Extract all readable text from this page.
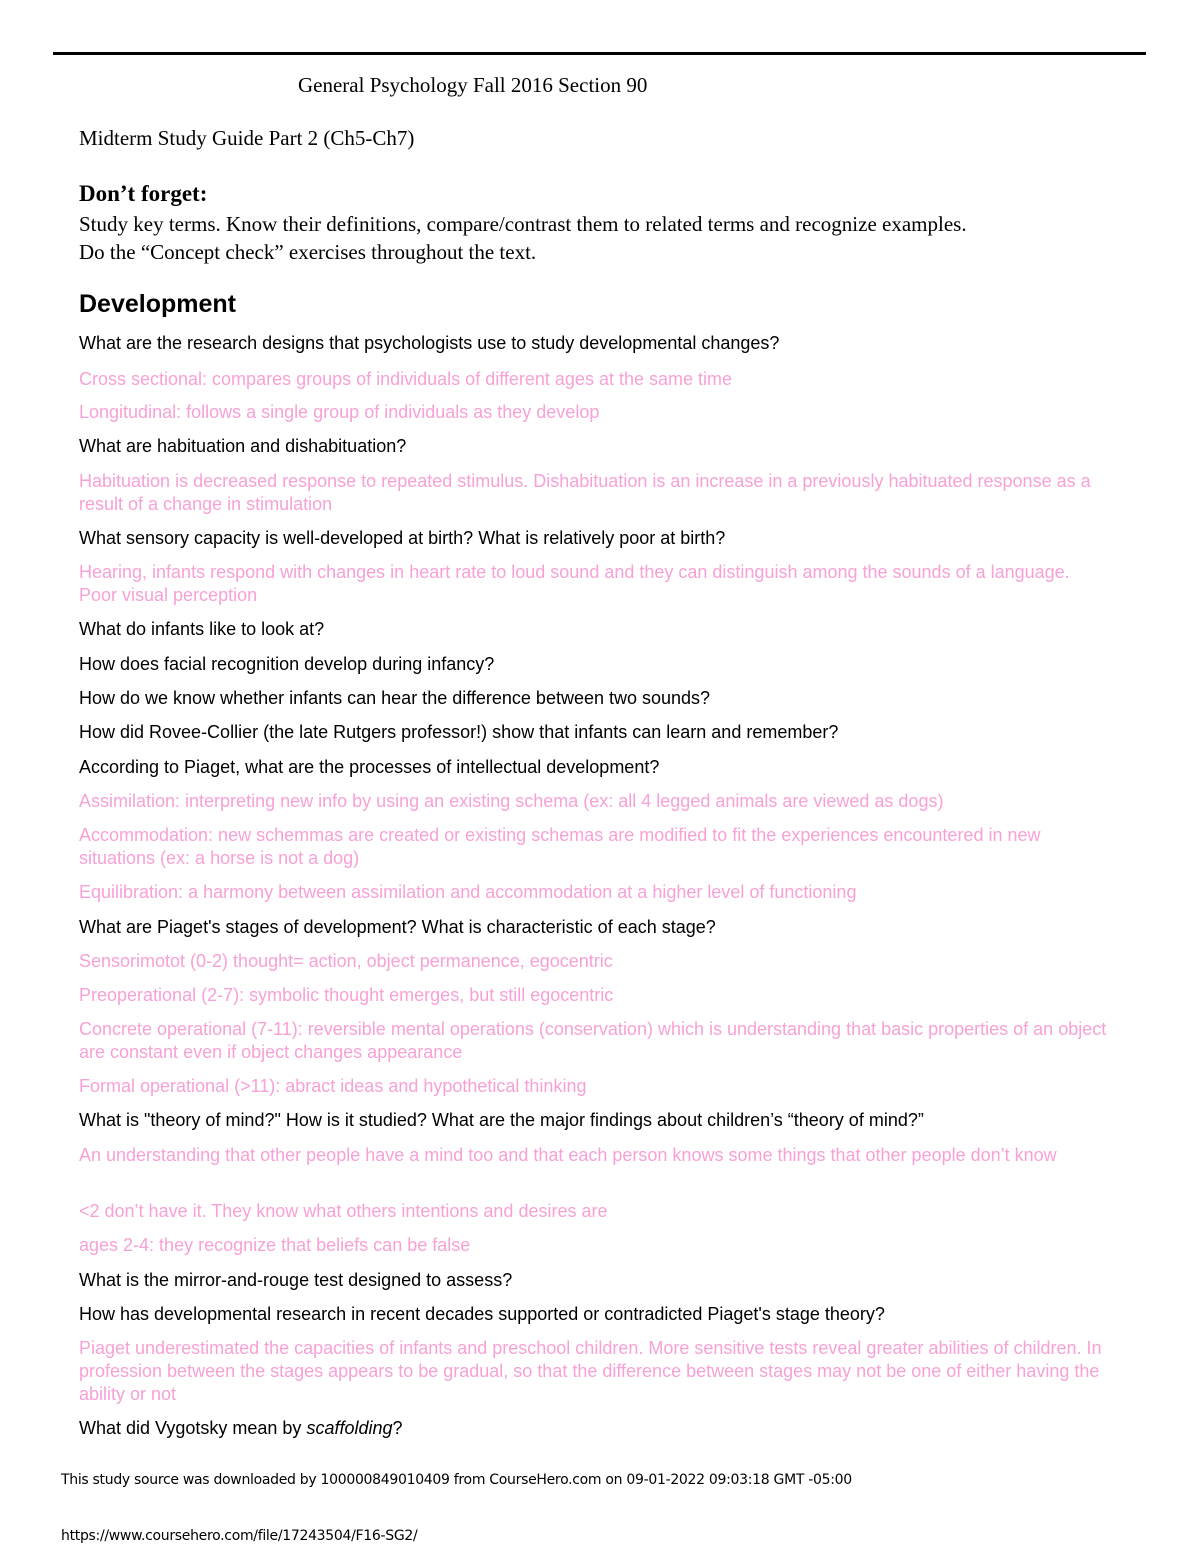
General Psychology Fall 2016 Section 90
Midterm Study Guide Part 2 (Ch5-Ch7)
Don’t forget:
Study key terms. Know their definitions, compare/contrast them to related terms and recognize examples.
Do the “Concept check” exercises throughout the text.
Development
What are the research designs that psychologists use to study developmental changes?
Cross sectional: compares groups of individuals of different ages at the same time
Longitudinal: follows a single group of individuals as they develop
What are habituation and dishabituation?
Habituation is decreased response to repeated stimulus. Dishabituation is an increase in a previously habituated response as a result of a change in stimulation
What sensory capacity is well-developed at birth? What is relatively poor at birth?
Hearing, infants respond with changes in heart rate to loud sound and they can distinguish among the sounds of a language. Poor visual perception
What do infants like to look at?
How does facial recognition develop during infancy?
How do we know whether infants can hear the difference between two sounds?
How did Rovee-Collier (the late Rutgers professor!) show that infants can learn and remember?
According to Piaget, what are the processes of intellectual development?
Assimilation: interpreting new info by using an existing schema (ex: all 4 legged animals are viewed as dogs)
Accommodation: new schemmas are created or existing schemas are modified to fit the experiences encountered in new situations (ex: a horse is not a dog)
Equilibration: a harmony between assimilation and accommodation at a higher level of functioning
What are Piaget's stages of development? What is characteristic of each stage?
Sensorimotot (0-2) thought= action, object permanence, egocentric
Preoperational (2-7): symbolic thought emerges, but still egocentric
Concrete operational (7-11): reversible mental operations (conservation) which is understanding that basic properties of an object are constant even if object changes appearance
Formal operational (>11): abract ideas and hypothetical thinking
What is "theory of mind?" How is it studied? What are the major findings about children’s “theory of mind?”
An understanding that other people have a mind too and that each person knows some things that other people don’t know
<2 don’t have it. They know what others intentions and desires are
ages 2-4: they recognize that beliefs can be false
What is the mirror-and-rouge test designed to assess?
How has developmental research in recent decades supported or contradicted Piaget's stage theory?
Piaget underestimated the capacities of infants and preschool children. More sensitive tests reveal greater abilities of children. In profession between the stages appears to be gradual, so that the difference between stages may not be one of either having the ability or not
What did Vygotsky mean by scaffolding?
This study source was downloaded by 100000849010409 from CourseHero.com on 09-01-2022 09:03:18 GMT -05:00
https://www.coursehero.com/file/17243504/F16-SG2/
